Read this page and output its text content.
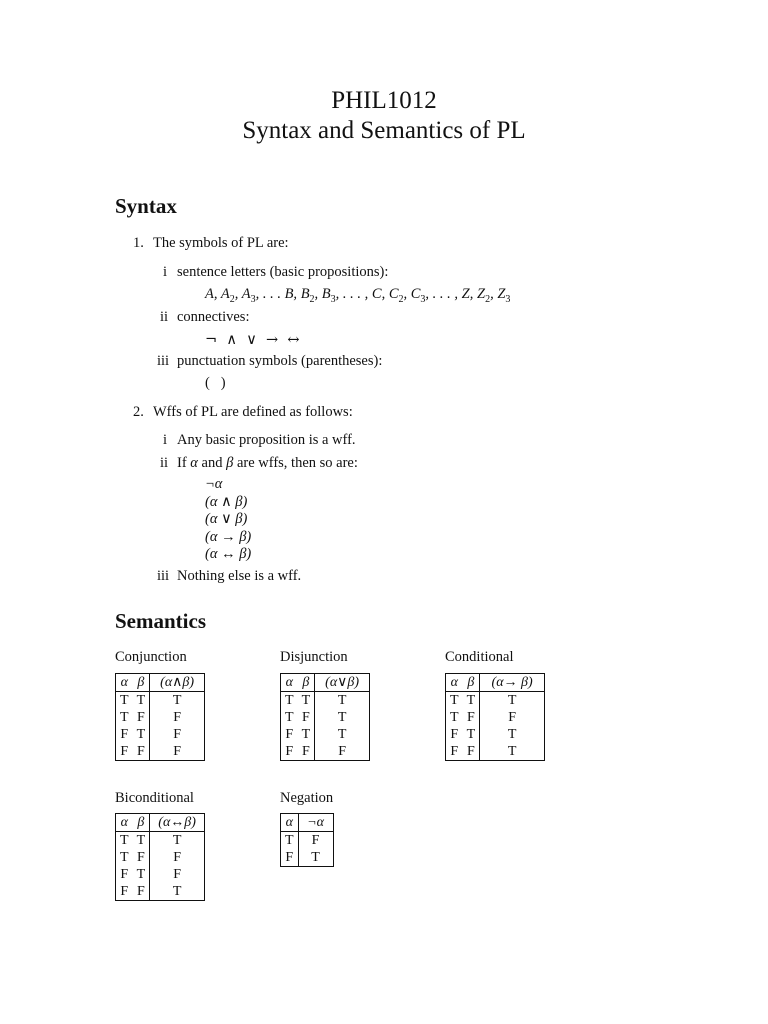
PHIL1012
Syntax and Semantics of PL
Syntax
1. The symbols of PL are:
i sentence letters (basic propositions):
A, $A_2$, $A_3$, . . . B, $B_2$, $B_3$, . . . , C, $C_2$, $C_3$, . . . , Z, $Z_2$, $Z_3$
ii connectives:
¬  ∧  ∨  →  ↔
iii punctuation symbols (parentheses):
(   )
2. Wffs of PL are defined as follows:
i Any basic proposition is a wff.
ii If α and β are wffs, then so are:
¬α
(α ∧ β)
(α ∨ β)
(α → β)
(α ↔ β)
iii Nothing else is a wff.
Semantics
Conjunction	Disjunction	Conditional
Biconditional	Negation
α	β	(α∧β)
T	T	T
T	F	F
F	T	F
F	F	F
α	β	(α∨β)
T	T	T
T	F	T
F	T	T
F	F	F
α	β	(α→ β)
T	T	T
T	F	F
F	T	T
F	F	T
α	β	(α↔β)
T	T	T
T	F	F
F	T	F
F	F	T
α	¬α
T	F
F	T
